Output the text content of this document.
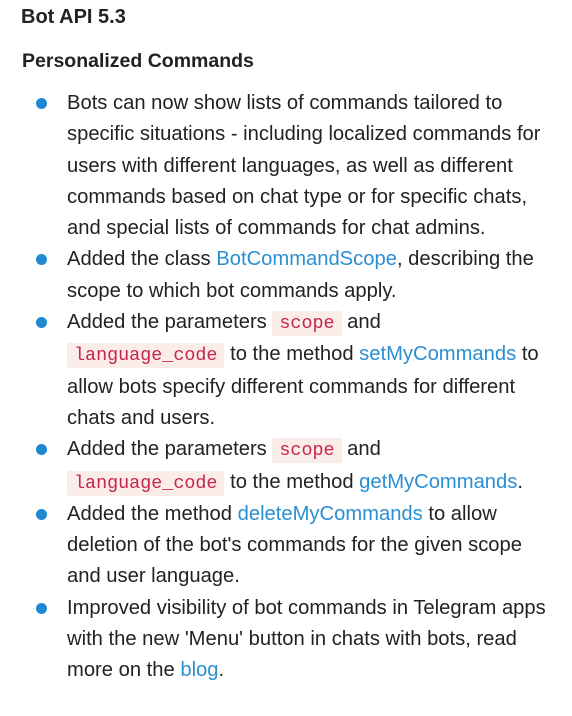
Bot API 5.3
Personalized Commands
Bots can now show lists of commands tailored to specific situations - including localized commands for users with different languages, as well as different commands based on chat type or for specific chats, and special lists of commands for chat admins.
Added the class BotCommandScope, describing the scope to which bot commands apply.
Added the parameters scope and
language_code to the method setMyCommands to allow bots specify different commands for different chats and users.
Added the parameters scope and
language_code to the method getMyCommands.
Added the method deleteMyCommands to allow deletion of the bot's commands for the given scope and user language.
Improved visibility of bot commands in Telegram apps with the new 'Menu' button in chats with bots, read more on the blog.
